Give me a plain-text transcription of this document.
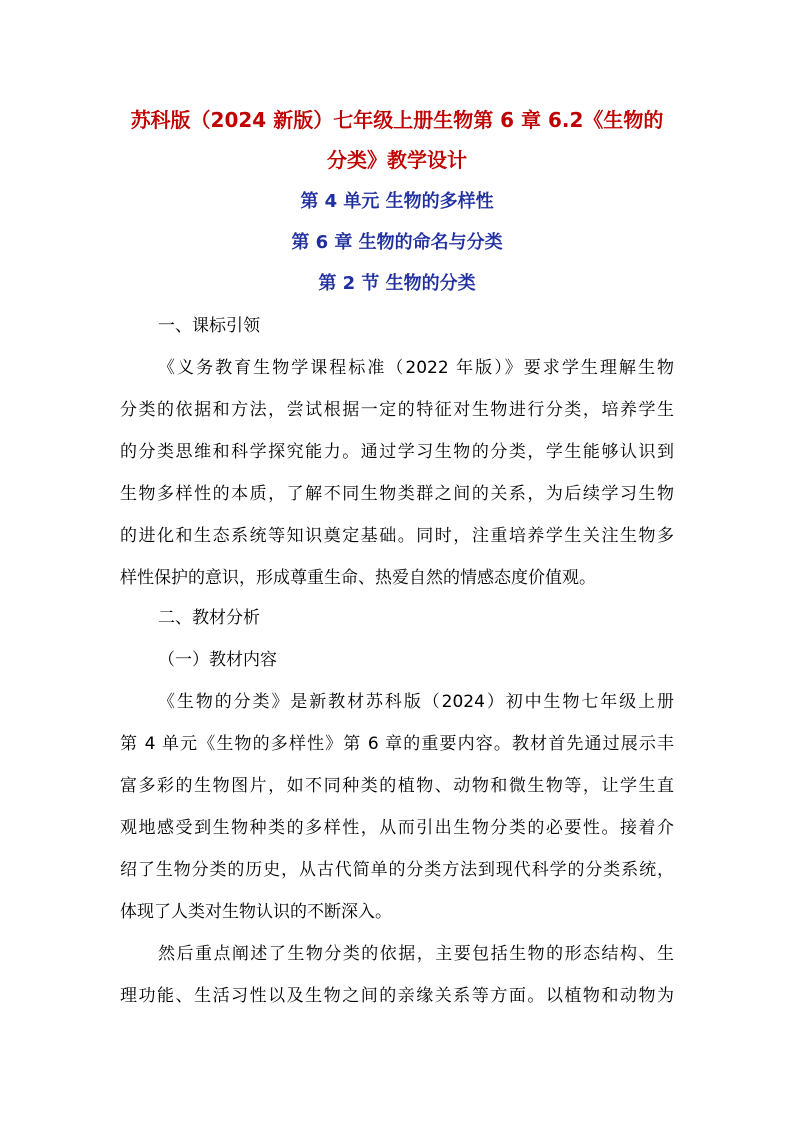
苏科版（2024 新版）七年级上册生物第 6 章 6.2《生物的
分类》教学设计
第 4 单元 生物的多样性
第 6 章 生物的命名与分类
第 2 节 生物的分类
一、课标引领
《义务教育生物学课程标准（2022 年版）》要求学生理解生物
分类的依据和方法，尝试根据一定的特征对生物进行分类，培养学生
的分类思维和科学探究能力。通过学习生物的分类，学生能够认识到
生物多样性的本质，了解不同生物类群之间的关系，为后续学习生物
的进化和生态系统等知识奠定基础。同时，注重培养学生关注生物多
样性保护的意识，形成尊重生命、热爱自然的情感态度价值观。
二、教材分析
（一）教材内容
《生物的分类》是新教材苏科版（2024）初中生物七年级上册
第 4 单元《生物的多样性》第 6 章的重要内容。教材首先通过展示丰
富多彩的生物图片，如不同种类的植物、动物和微生物等，让学生直
观地感受到生物种类的多样性，从而引出生物分类的必要性。接着介
绍了生物分类的历史，从古代简单的分类方法到现代科学的分类系统，
体现了人类对生物认识的不断深入。
然后重点阐述了生物分类的依据，主要包括生物的形态结构、生
理功能、生活习性以及生物之间的亲缘关系等方面。以植物和动物为
